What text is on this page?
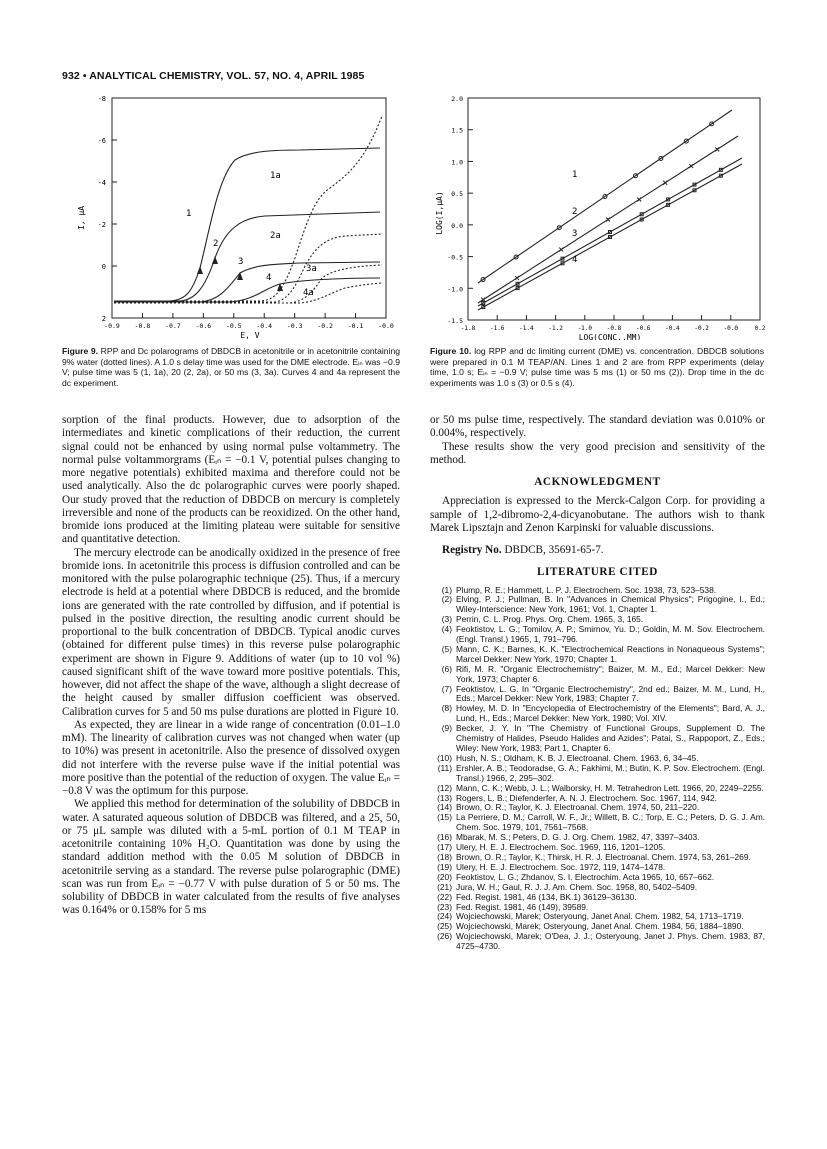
932 • ANALYTICAL CHEMISTRY, VOL. 57, NO. 4, APRIL 1985
-8
-6
-4
-2
0
2
-0.9 -0.8 -0.7 -0.6 -0.5 -0.4 -0.3 -0.2 -0.1 -0.0
I, μA
E, V
1
1a
2
2a
3
3a
4
4a
Figure 9. RPP and Dc polarograms of DBDCB in acetonitrile or in acetonitrile containing 9% water (dotted lines). A 1.0 s delay time was used for the DME electrode. Eᵢₙ was −0.9 V; pulse time was 5 (1, 1a), 20 (2, 2a), or 50 ms (3, 3a). Curves 4 and 4a represent the dc experiment.
2.0
1.5
1.0
0.5
0.0
-0.5
-1.0
-1.5
-1.8 -1.6 -1.4 -1.2 -1.0 -0.8 -0.6 -0.4 -0.2 -0.0	0.2
LOG(I,μA)
LOG(CONC.,MM)
1
2
3
4
Figure 10. log RPP and dc limiting current (DME) vs. concentration. DBDCB solutions were prepared in 0.1 M TEAP/AN. Lines 1 and 2 are from RPP experiments (delay time, 1.0 s; Eᵢₙ = −0.9 V; pulse time was 5 ms (1) or 50 ms (2)). Drop time in the dc experiments was 1.0 s (3) or 0.5 s (4).

sorption of the final products. However, due to adsorption of the intermediates and kinetic complications of their reduction, the current signal could not be enhanced by using normal pulse voltammetry. The normal pulse voltammorgrams (Eᵢₙ = −0.1 V, potential pulses changing to more negative potentials) exhibited maxima and therefore could not be used analytically. Also the dc polarographic curves were poorly shaped. Our study proved that the reduction of DBDCB on mercury is completely irreversible and none of the products can be reoxidized. On the other hand, bromide ions produced at the limiting plateau were suitable for sensitive and quantitative detection.

The mercury electrode can be anodically oxidized in the presence of free bromide ions. In acetonitrile this process is diffusion controlled and can be monitored with the pulse polarographic technique (25). Thus, if a mercury electrode is held at a potential where DBDCB is reduced, and the bromide ions are generated with the rate controlled by diffusion, and if potential is pulsed in the positive direction, the resulting anodic current should be proportional to the bulk concentration of DBDCB. Typical anodic curves (obtained for different pulse times) in this reverse pulse polarographic experiment are shown in Figure 9. Additions of water (up to 10 vol %) caused significant shift of the wave toward more positive potentials. This, however, did not affect the shape of the wave, although a slight decrease of the height caused by smaller diffusion coefficient was observed. Calibration curves for 5 and 50 ms pulse durations are plotted in Figure 10.

As expected, they are linear in a wide range of concentration (0.01–1.0 mM). The linearity of calibration curves was not changed when water (up to 10%) was present in acetonitrile. Also the presence of dissolved oxygen did not interfere with the reverse pulse wave if the initial potential was more positive than the potential of the reduction of oxygen. The value Eᵢₙ = −0.8 V was the optimum for this purpose.

We applied this method for determination of the solubility of DBDCB in water. A saturated aqueous solution of DBDCB was filtered, and a 25, 50, or 75 μL sample was diluted with a 5-mL portion of 0.1 M TEAP in acetonitrile containing 10% H₂O. Quantitation was done by using the standard addition method with the 0.05 M solution of DBDCB in acetonitrile serving as a standard. The reverse pulse polarographic (DME) scan was run from Eᵢₙ = −0.77 V with pulse duration of 5 or 50 ms. The solubility of DBDCB in water calculated from the results of five analyses was 0.164% or 0.158% for 5 ms

or 50 ms pulse time, respectively. The standard deviation was 0.010% or 0.004%, respectively.

These results show the very good precision and sensitivity of the method.

ACKNOWLEDGMENT

Appreciation is expressed to the Merck-Calgon Corp. for providing a sample of 1,2-dibromo-2,4-dicyanobutane. The authors wish to thank Marek Lipsztajn and Zenon Karpinski for valuable discussions.

Registry No. DBDCB, 35691-65-7.

LITERATURE CITED
(1) Plump, R. E.; Hammett, L. P. J. Electrochem. Soc. 1938, 73, 523–538.
(2) Elving, P. J.; Pullman, B. In "Advances in Chemical Physics"; Prigogine, I., Ed.; Wiley-Interscience: New York, 1961; Vol. 1, Chapter 1.
(3) Perrin, C. L. Prog. Phys. Org. Chem. 1965, 3, 165.
(4) Feoktistov, L. G.; Tomilov, A. P.; Smirnov, Yu. D.; Goldin, M. M. Sov. Electrochem. (Engl. Transl.) 1965, 1, 791–796.
(5) Mann, C. K.; Barnes, K. K. "Electrochemical Reactions in Nonaqueous Systems"; Marcel Dekker: New York, 1970; Chapter 1.
(6) Rifi, M. R. "Organic Electrochemistry"; Baizer, M. M., Ed.; Marcel Dekker: New York, 1973; Chapter 6.
(7) Feoktistov, L. G. In "Organic Electrochemistry", 2nd ed.; Baizer, M. M., Lund, H., Eds.; Marcel Dekker: New York, 1983; Chapter 7.
(8) Howley, M. D. In "Encyclopedia of Electrochemistry of the Elements"; Bard, A. J., Lund, H., Eds.; Marcel Dekker: New York, 1980; Vol. XIV.
(9) Becker, J. Y. In "The Chemistry of Functional Groups, Supplement D. The Chemistry of Halides, Pseudo Halides and Azides"; Patai, S., Rappoport, Z., Eds.; Wiley: New York, 1983; Part 1, Chapter 6.
(10) Hush, N. S.; Oldham, K. B. J. Electroanal. Chem. 1963, 6, 34–45.
(11) Ershler, A. B.; Teodoradse, G. A.; Fakhimi, M.; Butin, K. P. Sov. Electrochem. (Engl. Transl.) 1966, 2, 295–302.
(12) Mann, C. K.; Webb, J. L.; Walborsky, H. M. Tetrahedron Lett. 1966, 20, 2249–2255.
(13) Rogers, L. B.; Diefenderfer, A. N. J. Electrochem. Soc. 1967, 114, 942.
(14) Brown, O. R.; Taylor, K. J. Electroanal. Chem. 1974, 50, 211–220.
(15) La Perriere, D. M.; Carroll, W. F., Jr.; Willett, B. C.; Torp, E. C.; Peters, D. G. J. Am. Chem. Soc. 1979, 101, 7561–7568.
(16) Mbarak, M. S.; Peters, D. G. J. Org. Chem. 1982, 47, 3397–3403.
(17) Ulery, H. E. J. Electrochem. Soc. 1969, 116, 1201–1205.
(18) Brown, O. R.; Taylor, K.; Thirsk, H. R. J. Electroanal. Chem. 1974, 53, 261–269.
(19) Ulery, H. E. J. Electrochem. Soc. 1972, 119, 1474–1478.
(20) Feoktistov, L. G.; Zhdanov, S. I. Electrochim. Acta 1965, 10, 657–662.
(21) Jura, W. H.; Gaul, R. J. J. Am. Chem. Soc. 1958, 80, 5402–5409.
(22) Fed. Regist. 1981, 46 (134, BK.1) 36129–36130.
(23) Fed. Regist. 1981, 46 (149), 39589.
(24) Wojciechowski, Marek; Osteryoung, Janet Anal. Chem. 1982, 54, 1713–1719.
(25) Wojciechowski, Marek; Osteryoung, Janet Anal. Chem. 1984, 56, 1884–1890.
(26) Wojciechowski, Marek; O'Dea, J. J.; Osteryoung, Janet J. Phys. Chem. 1983, 87, 4725–4730.
